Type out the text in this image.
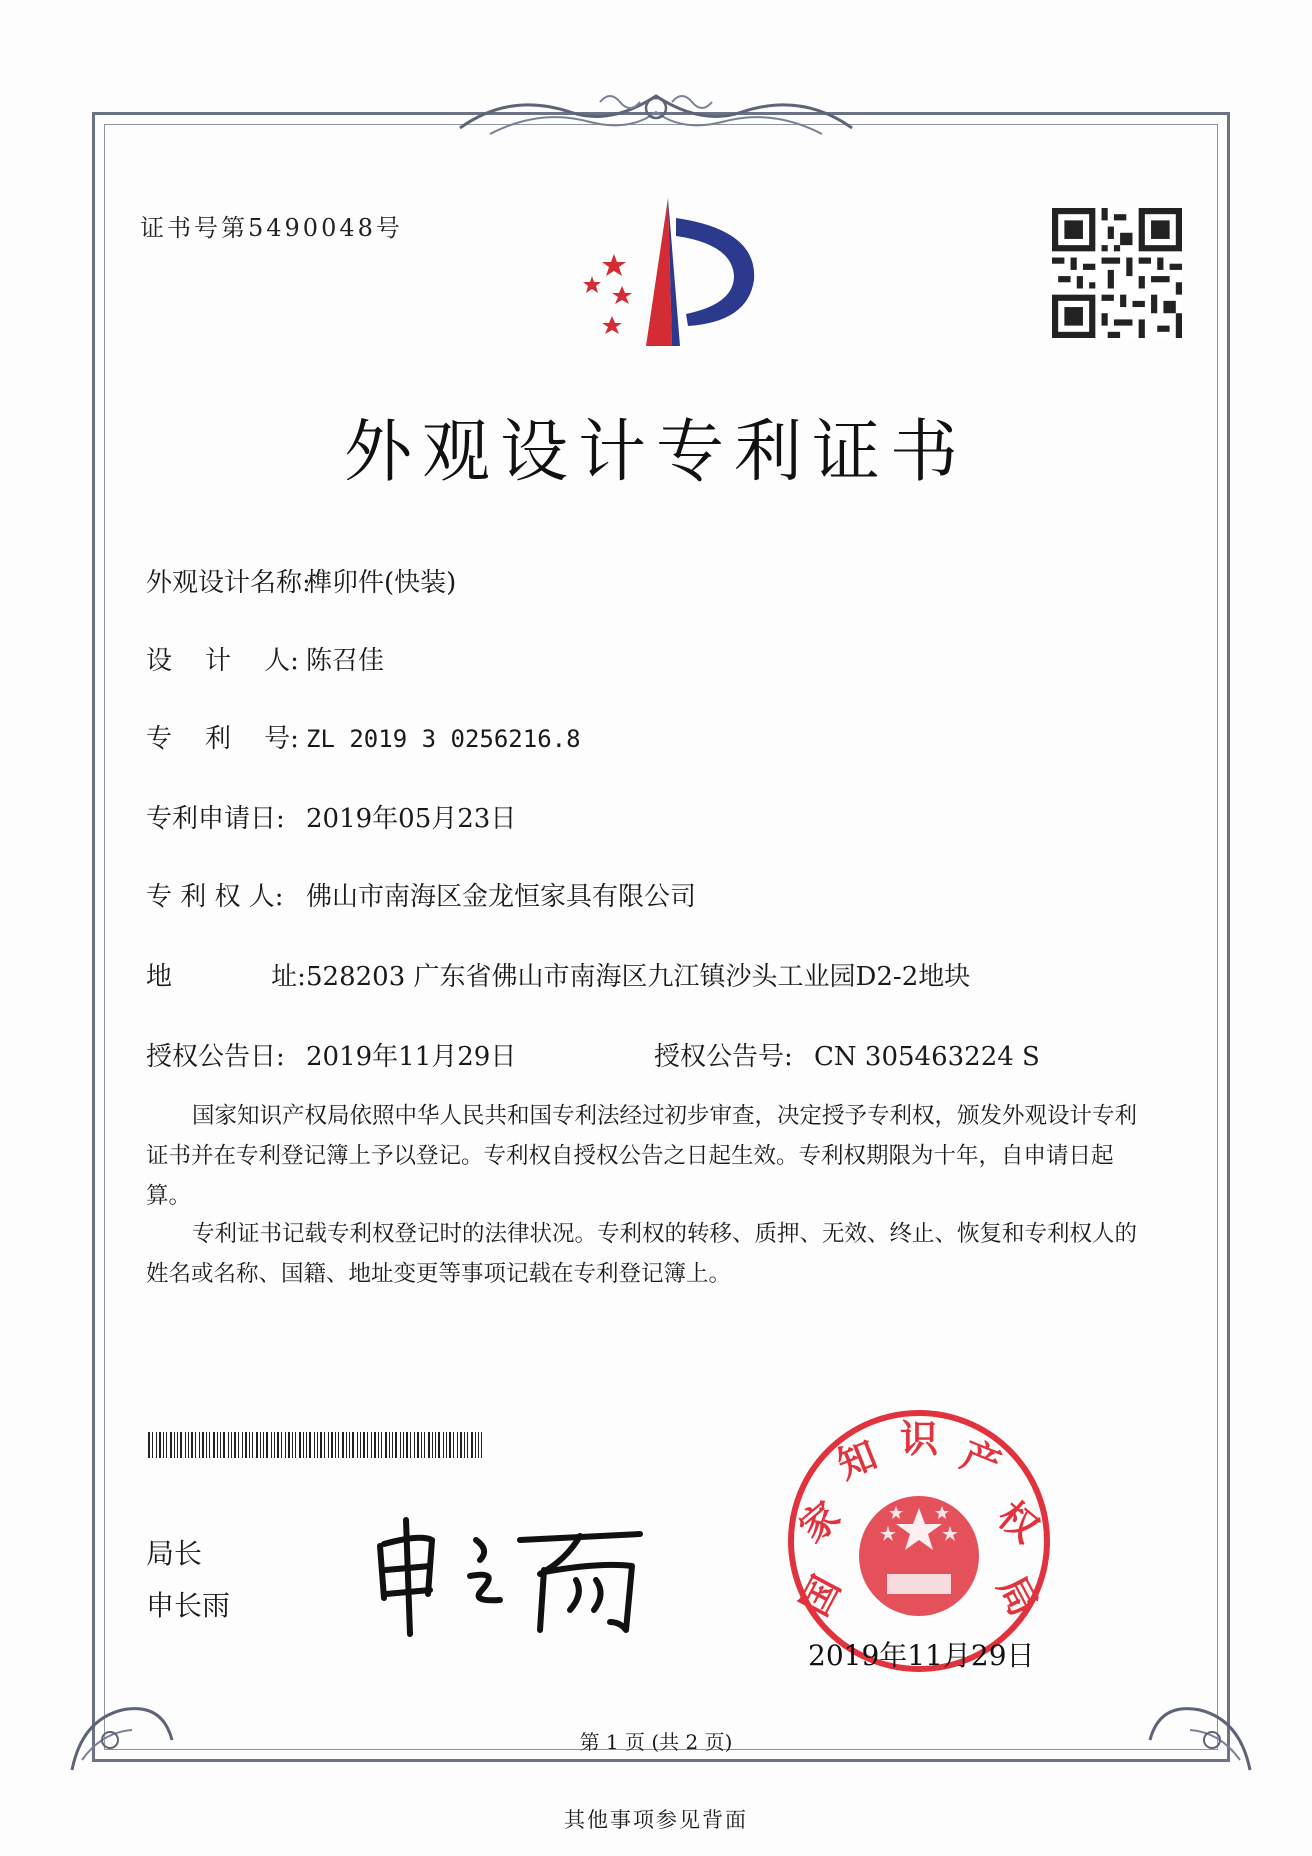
证书号第5490048号
外观设计专利证书
外观设计名称:榫卯件(快装)
设    计    人: 陈召佳
专    利    号: ZL 2019 3 0256216.8
专利申请日: 2019年05月23日
专 利 权 人: 佛山市南海区金龙恒家具有限公司
地            址:528203 广东省佛山市南海区九江镇沙头工业园D2-2地块
授权公告日: 2019年11月29日	授权公告号: CN 305463224 S
国家知识产权局依照中华人民共和国专利法经过初步审查，决定授予专利权，颁发外观设计专利证书并在专利登记簿上予以登记。专利权自授权公告之日起生效。专利权期限为十年，自申请日起算。
专利证书记载专利权登记时的法律状况。专利权的转移、质押、无效、终止、恢复和专利权人的姓名或名称、国籍、地址变更等事项记载在专利登记簿上。
局长
申长雨	国
家
知 识 产
权
局
2019年11月29日
第 1 页 (共 2 页)
其他事项参见背面
